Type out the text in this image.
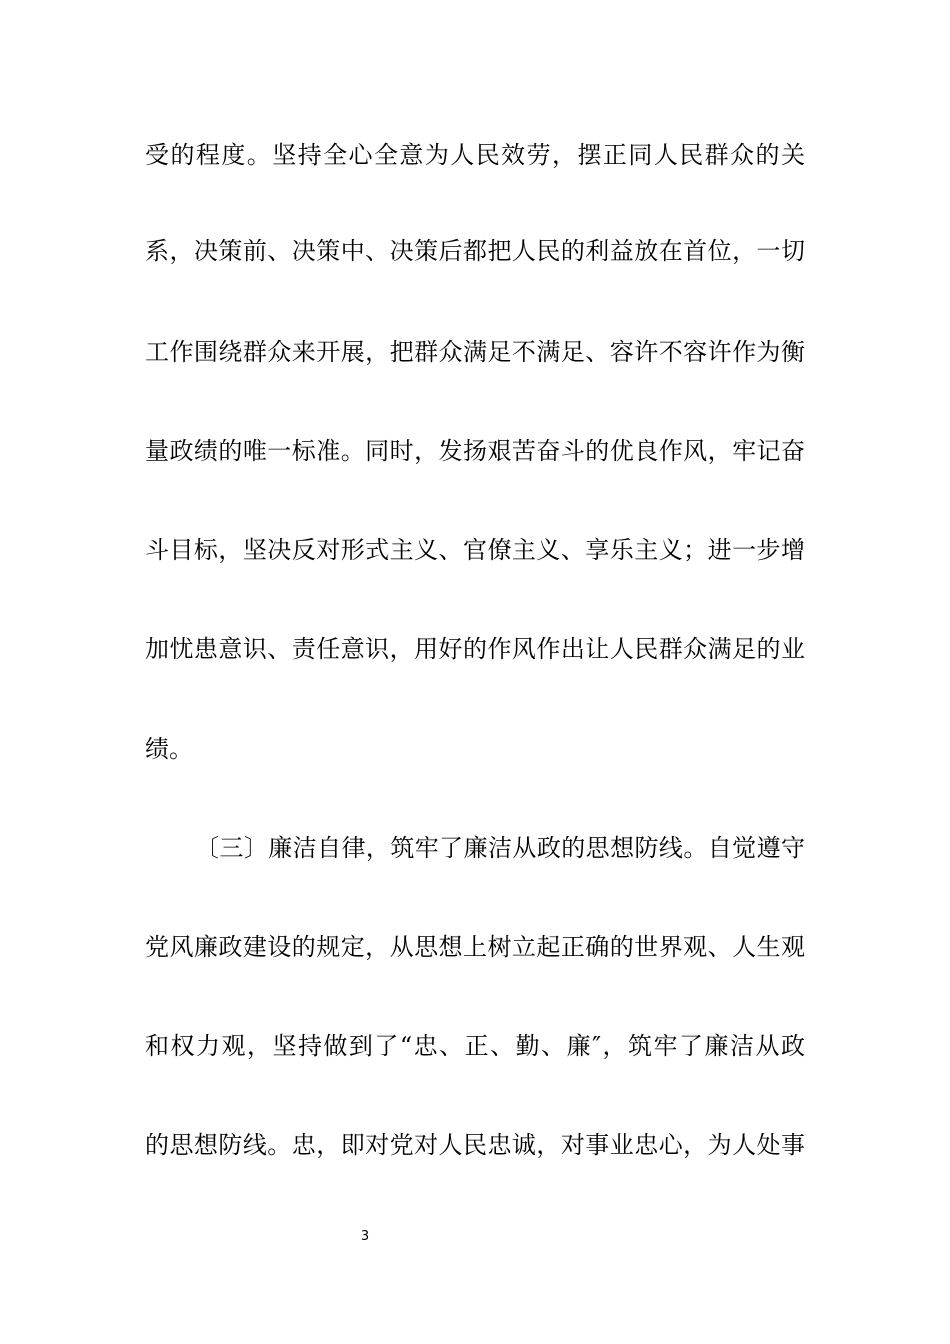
受的程度。坚持全心全意为人民效劳，摆正同人民群众的关
系，决策前、决策中、决策后都把人民的利益放在首位，一切
工作围绕群众来开展，把群众满足不满足、容许不容许作为衡
量政绩的唯一标准。同时，发扬艰苦奋斗的优良作风，牢记奋
斗目标，坚决反对形式主义、官僚主义、享乐主义；进一步增
加忧患意识、责任意识，用好的作风作出让人民群众满足的业
绩。
〔三〕廉洁自律，筑牢了廉洁从政的思想防线。自觉遵守
党风廉政建设的规定，从思想上树立起正确的世界观、人生观
和权力观，坚持做到了“忠、正、勤、廉″，筑牢了廉洁从政
的思想防线。忠，即对党对人民忠诚，对事业忠心，为人处事
3
